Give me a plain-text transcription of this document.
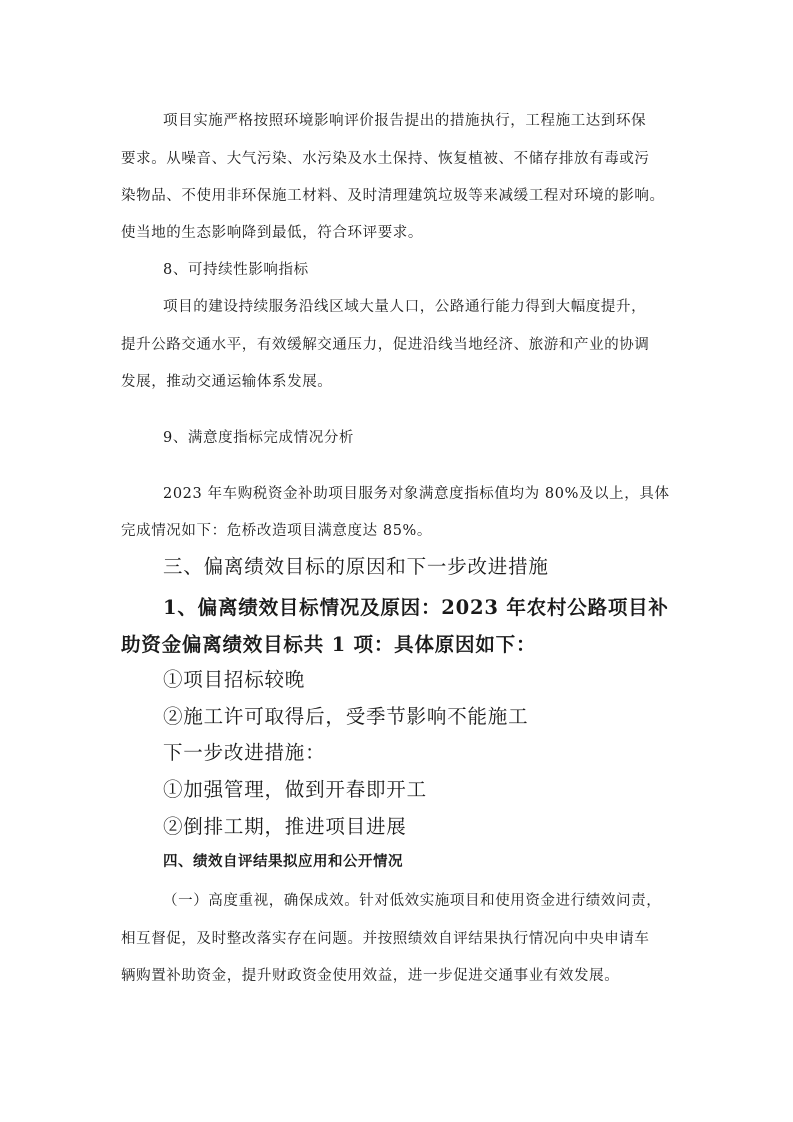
项目实施严格按照环境影响评价报告提出的措施执行，工程施工达到环保

要求。从噪音、大气污染、水污染及水土保持、恢复植被、不储存排放有毒或污

染物品、不使用非环保施工材料、及时清理建筑垃圾等来减缓工程对环境的影响。

使当地的生态影响降到最低，符合环评要求。

8、可持续性影响指标

项目的建设持续服务沿线区域大量人口，公路通行能力得到大幅度提升，

提升公路交通水平，有效缓解交通压力，促进沿线当地经济、旅游和产业的协调

发展，推动交通运输体系发展。

9、满意度指标完成情况分析

2023 年车购税资金补助项目服务对象满意度指标值均为 80%及以上，具体

完成情况如下：危桥改造项目满意度达 85%。

三、偏离绩效目标的原因和下一步改进措施

1、偏离绩效目标情况及原因：2023 年农村公路项目补

助资金偏离绩效目标共 1 项：具体原因如下：

①项目招标较晚

②施工许可取得后，受季节影响不能施工

下一步改进措施：

①加强管理，做到开春即开工

②倒排工期，推进项目进展

四、绩效自评结果拟应用和公开情况

（一）高度重视，确保成效。针对低效实施项目和使用资金进行绩效问责，

相互督促，及时整改落实存在问题。并按照绩效自评结果执行情况向中央申请车

辆购置补助资金，提升财政资金使用效益，进一步促进交通事业有效发展。
